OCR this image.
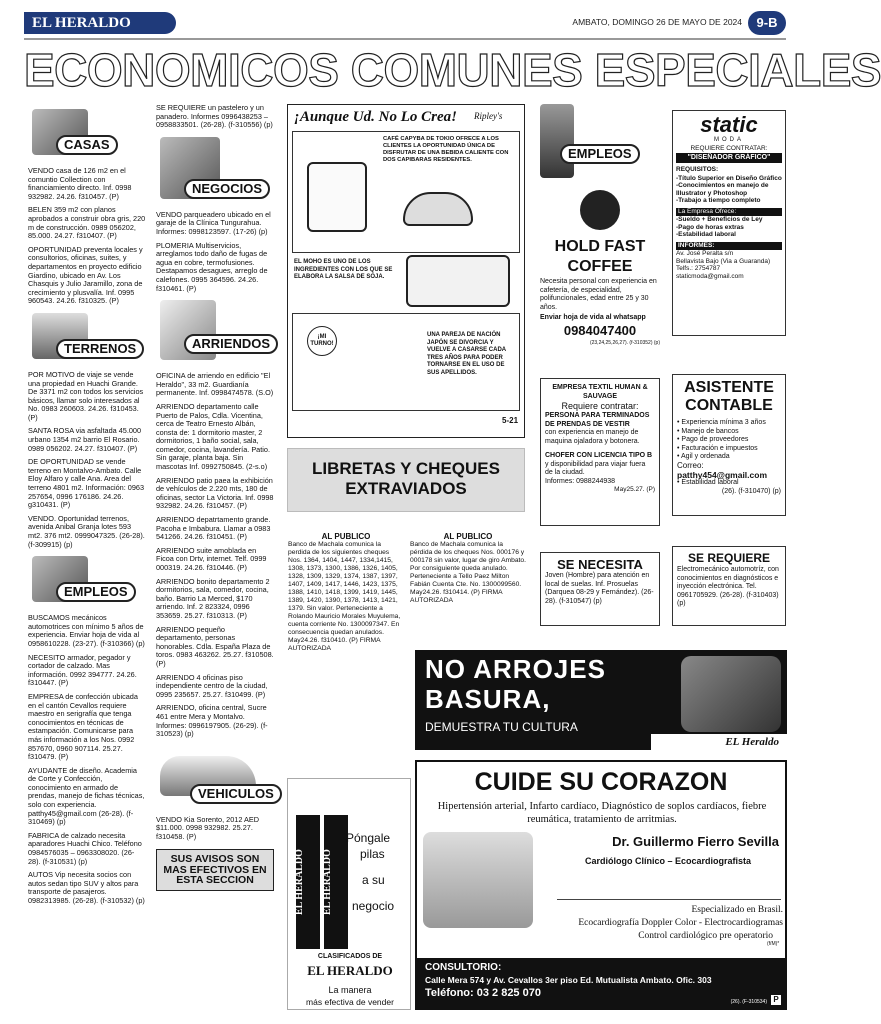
EL HERALDO	AMBATO, DOMINGO 26 DE MAYO DE 2024	9-B
ECONOMICOS COMUNES ESPECIALES
CASAS

VENDO casa de 126 m2 en el comuntio Collection con financiamiento directo. Inf. 0998 932982. 24.26. f310457. (P)

BELEN 359 m2 con planos aprobados a construir obra gris, 220 m de construcción. 0989 056202, 85.000. 24.27. f310407. (P)

OPORTUNIDAD preventa locales y consultorios, oficinas, suites, y departamentos en proyecto edificio Giardino, ubicado en Av. Los Chasquis y Julio Jaramillo, zona de crecimiento y plusvalía. Inf. 0995 960543. 24.26. f310325. (P)

TERRENOS

POR MOTIVO de viaje se vende una propiedad en Huachi Grande. De 3371 m2 con todos los servicios básicos, llamar solo interesados al No. 0983 260603. 24.26. f310453. (P)

SANTA ROSA via asfaltada 45.000 urbano 1354 m2 barrio El Rosario. 0989 056202. 24.27. f310407. (P)

DE OPORTUNIDAD se vende terreno en Montalvo-Ambato. Calle Eloy Alfaro y calle Ana. Area del terreno 4801 m2. Información: 0963 257654, 0996 176186. 24.26. g310431. (P)

VENDO. Oportunidad terrenos, avenida Anibal Granja lotes 593 mt2. 376 mt2. 0999047325. (26-28). (f-309915) (p)

EMPLEOS

BUSCAMOS mecánicos automotrices con mínimo 5 años de experiencia. Enviar hoja de vida al 0958610228. (23-27). (f-310366) (p)

NECESITO armador, pegador y cortador de calzado. Mas información. 0992 394777. 24.26. f310447. (P)

EMPRESA de confección ubicada en el cantón Cevallos requiere maestro en serigrafía que tenga conocimientos en técnicas de estampación. Comunicarse para más información a los Nos. 0992 857670, 0960 907114. 25.27. f310479. (P)

AYUDANTE de diseño. Academia de Corte y Confección, conocimiento en armado de prendas, manejo de fichas técnicas, solo con experiencia. patthy45@gmail.com (26-28). (f-310469) (p)

FABRICA de calzado necesita aparadores Huachi Chico. Teléfono 0984576035 – 0963308020. (26-28). (f-310531) (p)

AUTOS Vip necesita socios con autos sedan tipo SUV y altos para transporte de pasajeros. 0982313985. (26-28). (f-310532) (p)

SE REQUIERE un pastelero y un panadero. Informes 0996438253 – 0958833501. (26-28). (f-310556) (p)

NEGOCIOS

VENDO parqueadero ubicado en el garaje de la Clínica Tungurahua. Informes: 0998123597. (17-26) (p)

PLOMERIA Multiservicios, arreglamos todo daño de fugas de agua en cobre, termofusiones. Destapamos desagues, arreglo de calefones. 0995 364596. 24.26. f310461. (P)

ARRIENDOS

OFICINA de arriendo en edificio "El Heraldo", 33 m2. Guardianía permanente. Inf. 0998474578. (S.O)

ARRIENDO departamento calle Puerto de Palos, Cdla. Vicentina, cerca de Teatro Ernesto Albán, consta de: 1 dormitorio master, 2 dormitorios, 1 baño social, sala, comedor, cocina, lavandería. Patio. Sin garaje, planta baja. Sin mascotas Inf. 0992750845. (2-s.o)

ARRIENDO patio paea la exhibición de vehículos de 2.220 mts, 180 de oficinas, sector La Victoria. Inf. 0998 932982. 24.26. f310457. (P)

ARRIENDO depatrtamento grande. Pacoha e Imbabura. Llamar a 0983 541266. 24.26. f310451. (P)

ARRIENDO suite amoblada en Ficoa con Drtv, internet. Telf. 0999 000319. 24.26. f310446. (P)

ARRIENDO bonito departamento 2 dormitorios, sala, comedor, cocina, baño. Barrio La Merced, $170 arriendo. Inf. 2 823324, 0996 353659. 25.27. f310313. (P)

ARRIENDO pequeño departamento, personas honorables. Cdla. España Plaza de toros. 0983 463262. 25.27. f310508. (P)

ARRIENDO 4 oficinas piso independiente centro de la ciudad, 0995 235657. 25.27. f310499. (P)

ARRIENDO, oficina central, Sucre 461 entre Mera y Montalvo. Informes: 0996197905. (26-29). (f-310523) (p)

VEHICULOS

VENDO Kia Sorento, 2012 AED $11.000. 0998 932982. 25.27. f310458. (P)

SUS AVISOS SON MAS EFECTIVOS EN ESTA SECCION
¡Aunque Ud. No Lo Crea! Ripley's
CAFÉ CAPYBA DE TOKIO OFRECE A LOS CLIENTES LA OPORTUNIDAD ÚNICA DE DISFRUTAR DE UNA BEBIDA CALIENTE CON DOS CAPIBARAS RESIDENTES.
EL MOHO ES UNO DE LOS INGREDIENTES CON LOS QUE SE ELABORA LA SALSA DE SOJA.
¡MI TURNO!
UNA PAREJA DE NACIÓN JAPÓN SE DIVORCIA Y VUELVE A CASARSE CADA TRES AÑOS PARA PODER TORNARSE EN EL USO DE SUS APELLIDOS.
5-21
LIBRETAS Y CHEQUES EXTRAVIADOS
AL PUBLICO
Banco de Machala comunica la perdida de los siguientes cheques Nos. 1364, 1404, 1447, 1334,1415, 1308, 1373, 1300, 1386, 1326, 1405, 1328, 1309, 1329, 1374, 1387, 1397, 1407, 1409, 1417, 1446, 1423, 1375, 1388, 1410, 1418, 1399, 1419, 1445, 1389, 1420, 1390, 1378, 1413, 1421, 1379. Sin valor. Perteneciente a Rolando Mauricio Morales Muyulema, cuenta corriente No. 1300097347. En consecuencia quedan anulados. May24.26. f310410. (P) FIRMA AUTORIZADA
AL PUBLICO
Banco de Machala comunica la pérdida de los cheques Nos. 000176 y 000178 sin valor, lugar de giro Ambato. Por consiguiente queda anulado. Perteneciente a Tello Paez Milton Fabián Cuenta Cte. No. 1300099560. May24.26. f310414. (P) FIRMA AUTORIZADA
EL HERALDO	EL HERALDO
Póngale
pilas
a su
negocio
CLASIFICADOS DE
EL HERALDO
La manera
más efectiva de vender
EMPLEOS
HOLD FAST
COFFEE
Necesita personal con experiencia en cafetería, de especialidad, polifuncionales, edad entre 25 y 30 años.
Enviar hoja de vida al whatsapp
0984047400
(23,24,25,26,27). (f-310352) (p)
EMPRESA TEXTIL HUMAN & SAUVAGE
Requiere contratar:
PERSONA PARA TERMINADOS DE PRENDAS DE VESTIR
con experiencia en manejo de maquina ojaladora y botonera.
CHOFER CON LICENCIA TIPO B
y disponibilidad para viajar fuera de la ciudad.
Informes: 0988244938
May25.27. (P)
SE NECESITA
Joven (Hombre) para atención en local de suelas. Inf. Prosuelas (Darquea 08-29 y Fernández). (26-28). (f-310547) (p)
static
MODA
REQUIERE CONTRATAR:
"DISEÑADOR GRÁFICO"
REQUISITOS:
-Título Superior en Diseño Gráfico
-Conocimientos en manejo de Illustrator y Photoshop
-Trabajo a tiempo completo
La Empresa Ofrece:
-Sueldo + Beneficios de Ley
-Pago de horas extras
-Estabilidad laboral
INFORMES:
Av. José Peralta s/n
Bellavista Bajo (Via a Guaranda)
Telfs.: 2754787
staticmoda@gmail.com
ASISTENTE
CONTABLE
• Experiencia mínima 3 años
• Manejo de bancos
• Pago de proveedores
• Facturación e impuestos
• Agil y ordenada
Correo:
patthy454@gmail.com
• Estabilidad laboral
(26). (f-310470) (p)
SE REQUIERE
Electromecánico automotríz, con conocimientos en diagnósticos e inyección electrónica. Tel. 0961705929. (26-28). (f-310403) (p)
NO ARROJES
BASURA,
DEMUESTRA TU CULTURA
EL Heraldo
CUIDE SU CORAZON
Hipertensión arterial, Infarto cardíaco, Diagnóstico de soplos cardíacos, fiebre reumática, tratamiento de arritmias.
Dr. Guillermo Fierro Sevilla
Cardiólogo Clínico – Ecocardiografista
Especializado en Brasil.
Ecocardiografía Doppler Color - Electrocardiogramas
Control cardiológico pre operatorio
(f/M)*
CONSULTORIO:
Calle Mera 574 y Av. Cevallos 3er piso Ed. Mutualista Ambato. Ofic. 303
Teléfono: 03 2 825 070
(26). (F-310534) P
